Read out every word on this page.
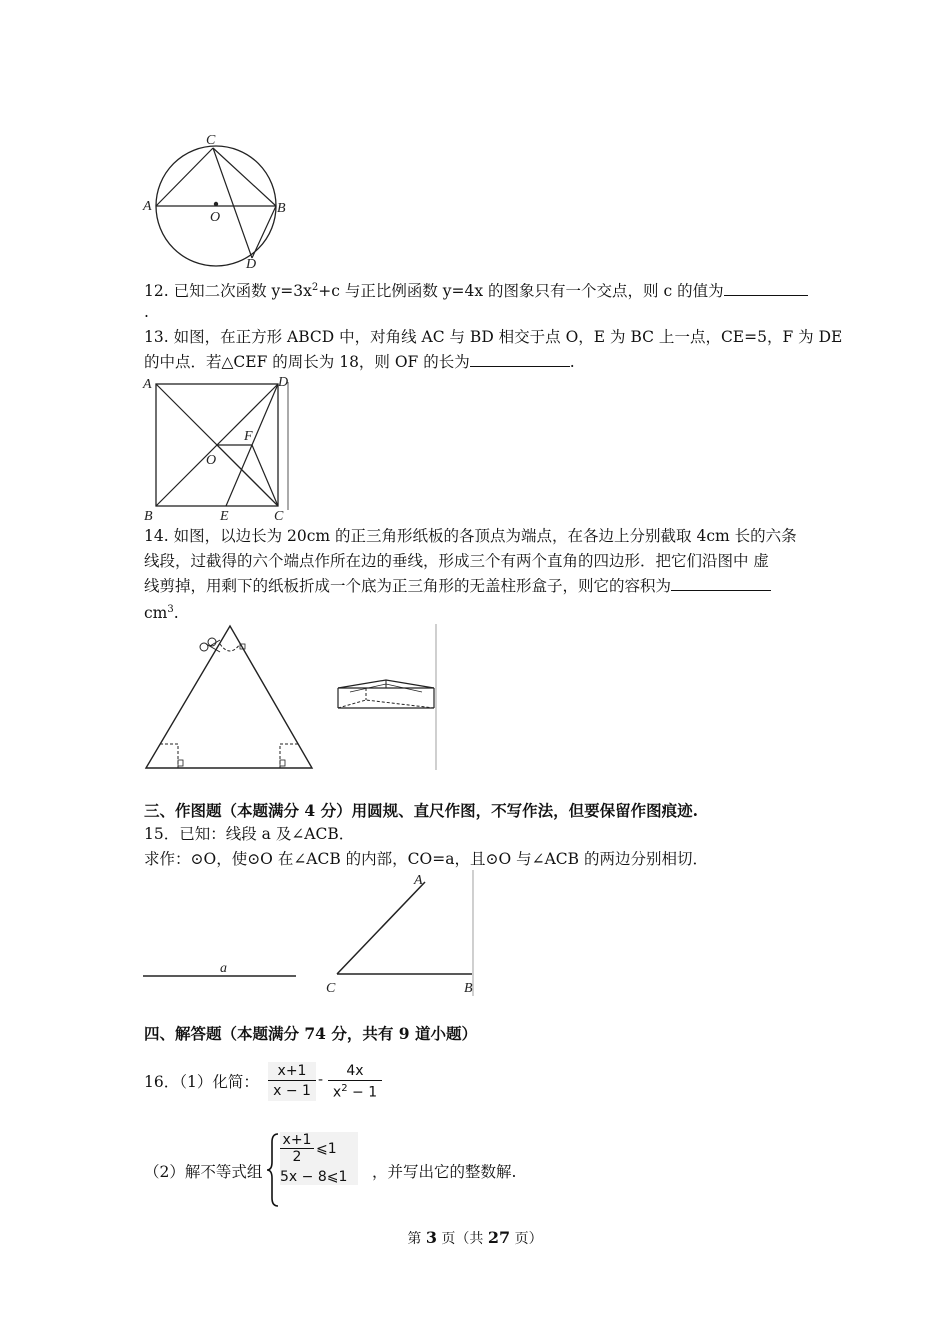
C
A	B
O
D
12. 已知二次函数 $y=3x^2+c$ 与正比例函数 y=4x 的图象只有一个交点，则 c 的值为
.
13. 如图，在正方形 ABCD 中，对角线 AC 与 BD 相交于点 O，E 为 BC 上一点，CE=5，F 为 DE
的中点．若△CEF 的周长为 18，则 OF 的长为	.
A	D
F
O
B	E	C
14. 如图，以边长为 20cm 的正三角形纸板的各顶点为端点，在各边上分别截取 4cm 长的六条
线段，过截得的六个端点作所在边的垂线，形成三个有两个直角的四边形．把它们沿图中 虚
线剪掉，用剩下的纸板折成一个底为正三角形的无盖柱形盒子，则它的容积为
$cm^3$.
三、作图题（本题满分 4 分）用圆规、直尺作图，不写作法，但要保留作图痕迹.
15．已知：线段 a 及∠ACB．
求作：⊙O，使⊙O 在∠ACB 的内部，CO=a，且⊙O 与∠ACB 的两边分别相切．
a
A
C	B
四、解答题（本题满分 74 分，共有 9 道小题）
16．（1）化简： $\frac{x+1}{x - 1} - \frac{4x}{x^2 - 1}$
（2）解不等式组
$\frac{x+1}{2}$ ⩽1
5x − 8⩽1	，并写出它的整数解.
第 3 页（共 27 页）
